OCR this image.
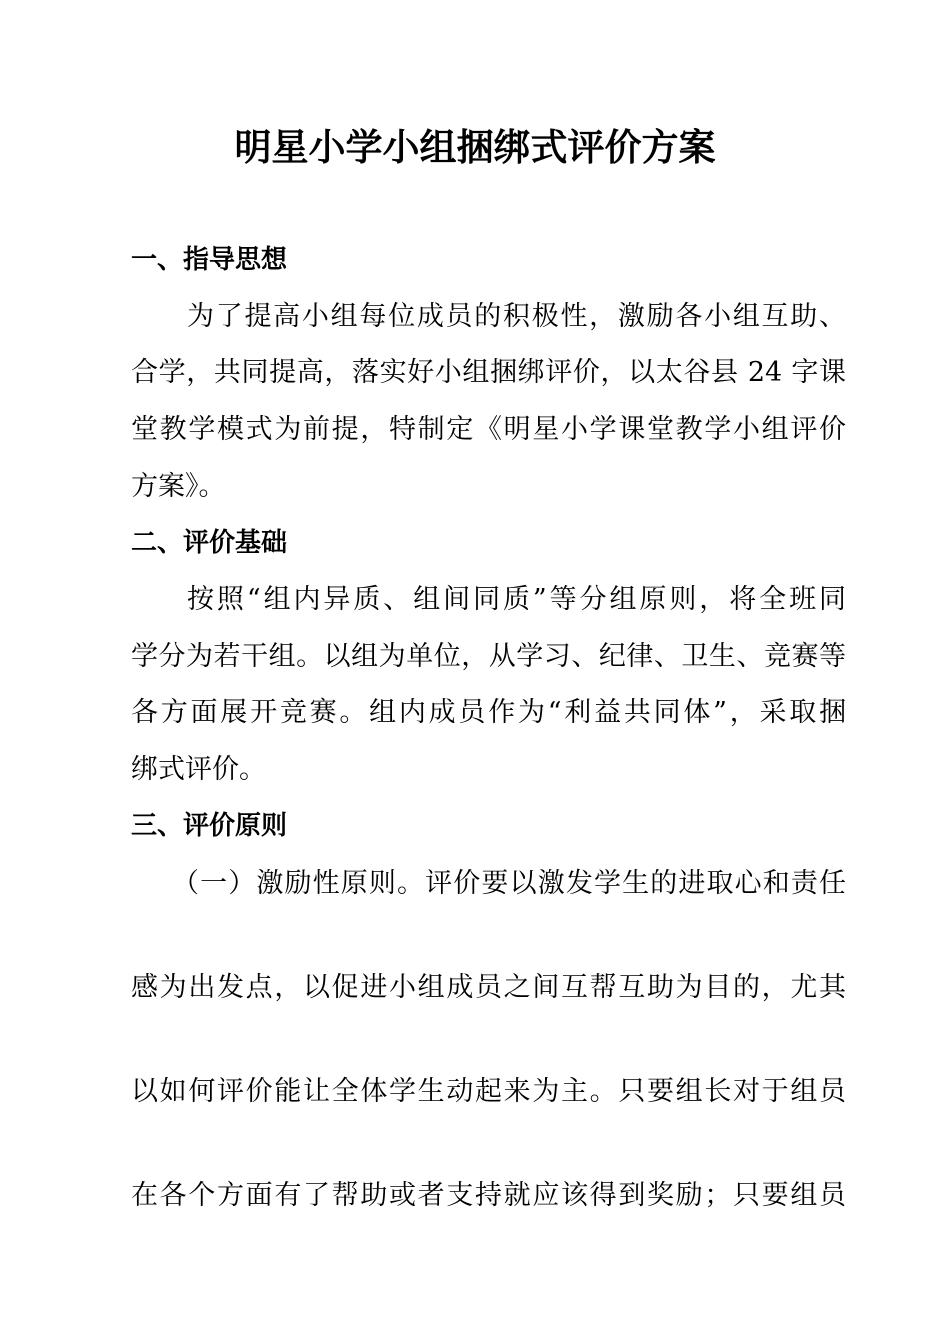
明星小学小组捆绑式评价方案
一、指导思想
为了提高小组每位成员的积极性，激励各小组互助、
合学，共同提高，落实好小组捆绑评价，以太谷县 24 字课
堂教学模式为前提，特制定《明星小学课堂教学小组评价
方案》。
二、评价基础
按照“组内异质、组间同质”等分组原则，将全班同
学分为若干组。以组为单位，从学习、纪律、卫生、竞赛等
各方面展开竞赛。组内成员作为“利益共同体”，采取捆
绑式评价。
三、评价原则
（一）激励性原则。评价要以激发学生的进取心和责任
感为出发点，以促进小组成员之间互帮互助为目的，尤其
以如何评价能让全体学生动起来为主。只要组长对于组员
在各个方面有了帮助或者支持就应该得到奖励；只要组员
